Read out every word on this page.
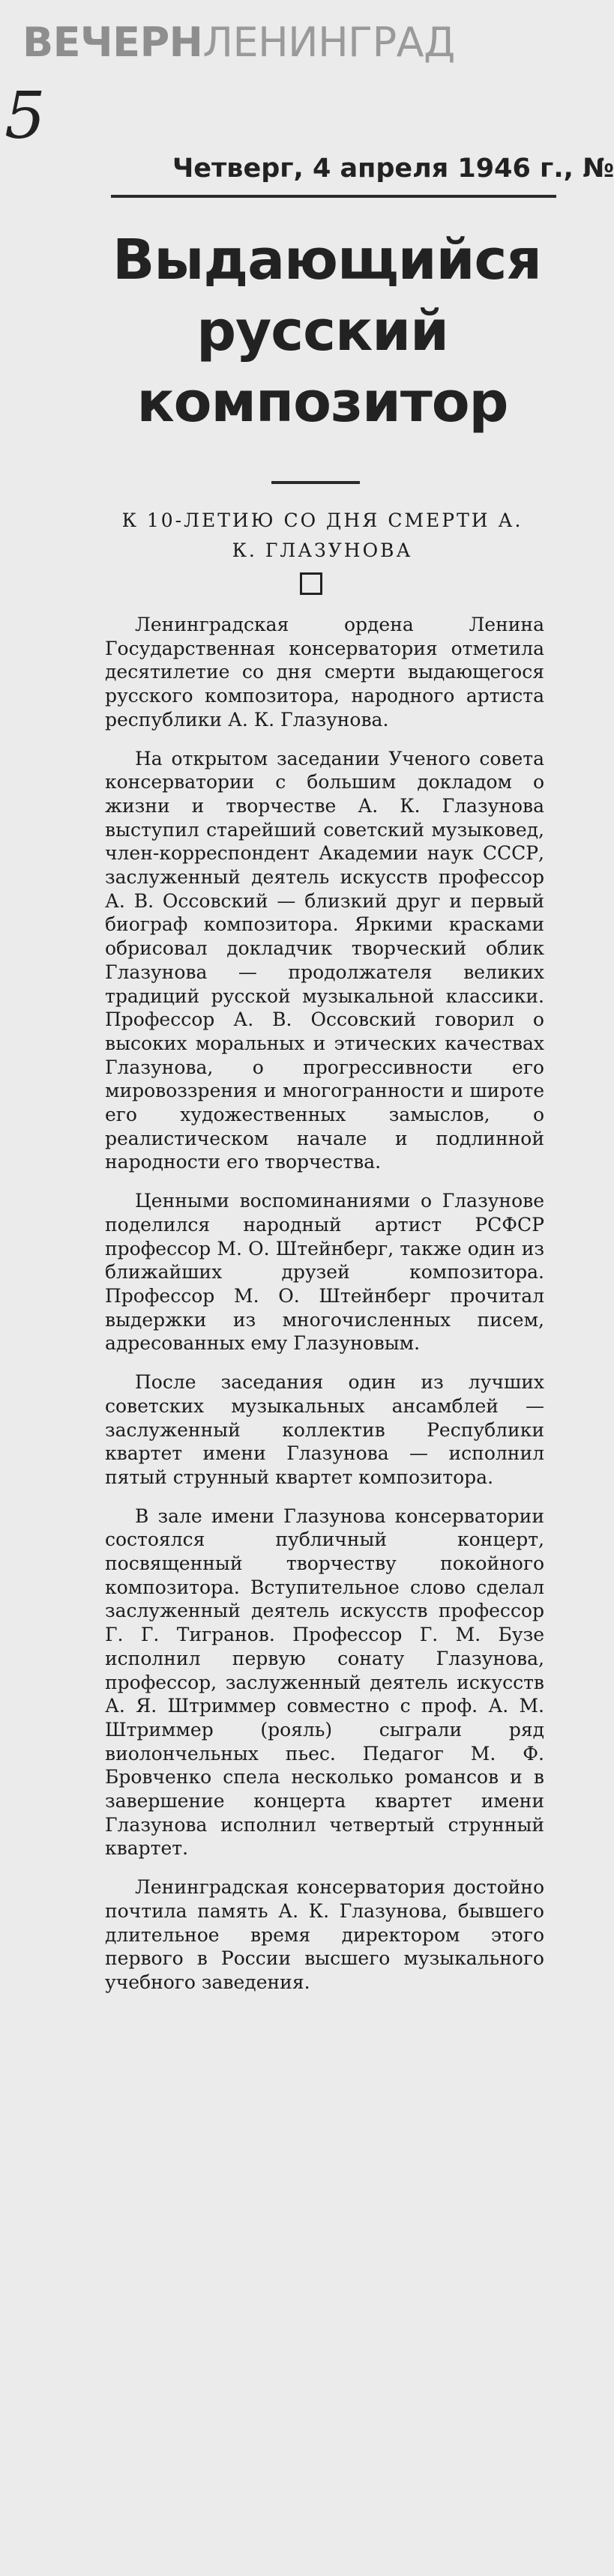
5
ВЕЧЕРНЛЕНИНГРАД
Четверг, 4 апреля 1946 г., №
Выдающийся русский композитор
К 10-ЛЕТИЮ СО ДНЯ СМЕРТИ А. К. ГЛАЗУНОВА

Ленинградская ордена Ленина Государственная консерватория отметила десятилетие со дня смерти выдающегося русского композитора, народного артиста республики А. К. Глазунова.

На открытом заседании Ученого совета консерватории с большим докладом о жизни и творчестве А. К. Глазунова выступил старейший советский музыковед, член-корреспондент Академии наук СССР, заслуженный деятель искусств профессор А. В. Оссовский — близкий друг и первый биограф композитора. Яркими красками обрисовал докладчик творческий облик Глазунова — продолжателя великих традиций русской музыкальной классики. Профессор А. В. Оссовский говорил о высоких моральных и этических качествах Глазунова, о прогрессивности его мировоззрения и многогранности и широте его художественных замыслов, о реалистическом начале и подлинной народности его творчества.

Ценными воспоминаниями о Глазунове поделился народный артист РСФСР профессор М. О. Штейнберг, также один из ближайших друзей композитора. Профессор М. О. Штейнберг прочитал выдержки из многочисленных писем, адресованных ему Глазуновым.

После заседания один из лучших советских музыкальных ансамблей — заслуженный коллектив Республики квартет имени Глазунова — исполнил пятый струнный квартет композитора.

В зале имени Глазунова консерватории состоялся публичный концерт, посвященный творчеству покойного композитора. Вступительное слово сделал заслуженный деятель искусств профессор Г. Г. Тигранов. Профессор Г. М. Бузе исполнил первую сонату Глазунова, профессор, заслуженный деятель искусств А. Я. Штриммер совместно с проф. А. М. Штриммер (рояль) сыграли ряд виолончельных пьес. Педагог М. Ф. Бровченко спела несколько романсов и в завершение концерта квартет имени Глазунова исполнил четвертый струнный квартет.

Ленинградская консерватория достойно почтила память А. К. Глазунова, бывшего длительное время директором этого первого в России высшего музыкального учебного заведения.
